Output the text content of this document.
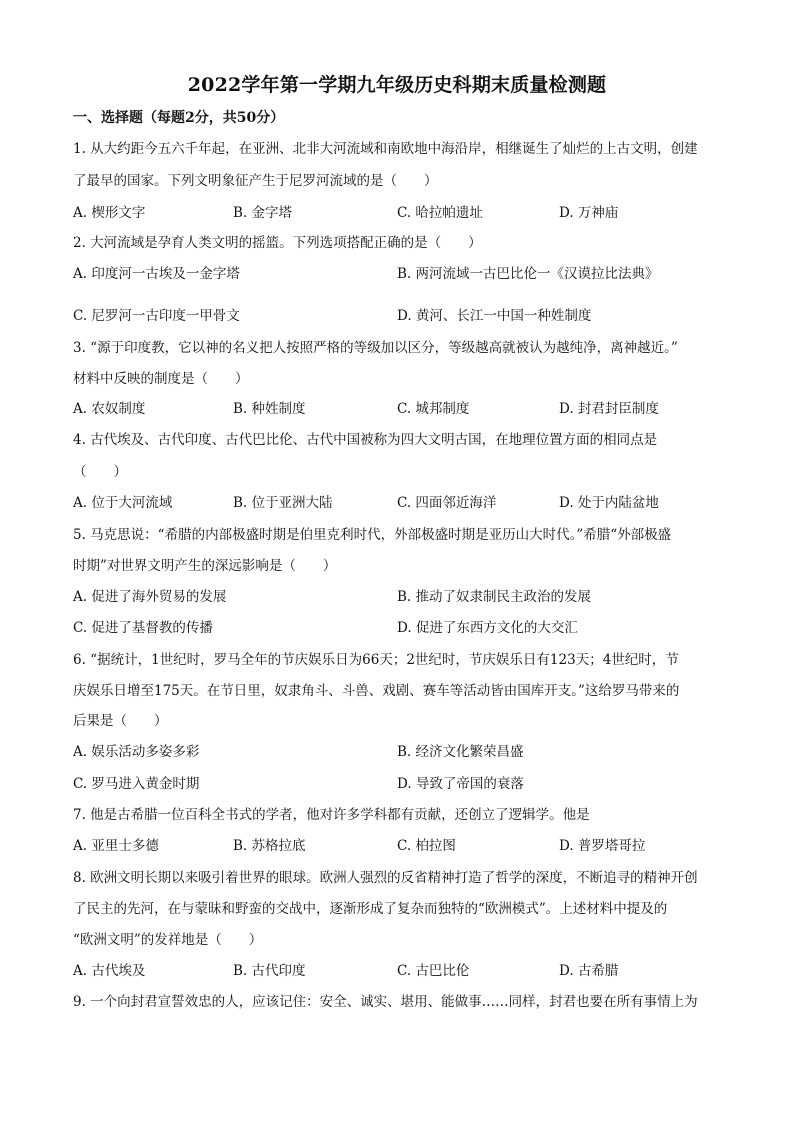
2022学年第一学期九年级历史科期末质量检测题
一、选择题（每题2分，共50分）
1. 从大约距今五六千年起，在亚洲、北非大河流域和南欧地中海沿岸，相继诞生了灿烂的上古文明，创建
了最早的国家。下列文明象征产生于尼罗河流域的是（　　）
A. 楔形文字	B. 金字塔	C. 哈拉帕遗址	D. 万神庙
2. 大河流域是孕育人类文明的摇篮。下列选项搭配正确的是（　　）
A. 印度河一古埃及一金字塔	B. 两河流域一古巴比伦一《汉谟拉比法典》
C. 尼罗河一古印度一甲骨文	D. 黄河、长江一中国一种姓制度
3. “源于印度教，它以神的名义把人按照严格的等级加以区分，等级越高就被认为越纯净，离神越近。”
材料中反映的制度是（　　）
A. 农奴制度	B. 种姓制度	C. 城邦制度	D. 封君封臣制度
4. 古代埃及、古代印度、古代巴比伦、古代中国被称为四大文明古国，在地理位置方面的相同点是
（　　）
A. 位于大河流域	B. 位于亚洲大陆	C. 四面邻近海洋	D. 处于内陆盆地
5. 马克思说：“希腊的内部极盛时期是伯里克利时代，外部极盛时期是亚历山大时代。”希腊“外部极盛
时期”对世界文明产生的深远影响是（　　）
A. 促进了海外贸易的发展	B. 推动了奴隶制民主政治的发展
C. 促进了基督教的传播	D. 促进了东西方文化的大交汇
6. “据统计，1世纪时，罗马全年的节庆娱乐日为66天；2世纪时，节庆娱乐日有123天；4世纪时，节
庆娱乐日增至175天。在节日里，奴隶角斗、斗兽、戏剧、赛车等活动皆由国库开支。”这给罗马带来的
后果是（　　）
A. 娱乐活动多姿多彩	B. 经济文化繁荣昌盛
C. 罗马进入黄金时期	D. 导致了帝国的衰落
7. 他是古希腊一位百科全书式的学者，他对许多学科都有贡献，还创立了逻辑学。他是
A. 亚里士多德	B. 苏格拉底	C. 柏拉图	D. 普罗塔哥拉
8. 欧洲文明长期以来吸引着世界的眼球。欧洲人强烈的反省精神打造了哲学的深度，不断追寻的精神开创
了民主的先河，在与蒙昧和野蛮的交战中，逐渐形成了复杂而独特的“欧洲模式”。上述材料中提及的
“欧洲文明”的发祥地是（　　）
A. 古代埃及	B. 古代印度	C. 古巴比伦	D. 古希腊
9. 一个向封君宣誓效忠的人，应该记住：安全、诚实、堪用、能做事……同样，封君也要在所有事情上为
